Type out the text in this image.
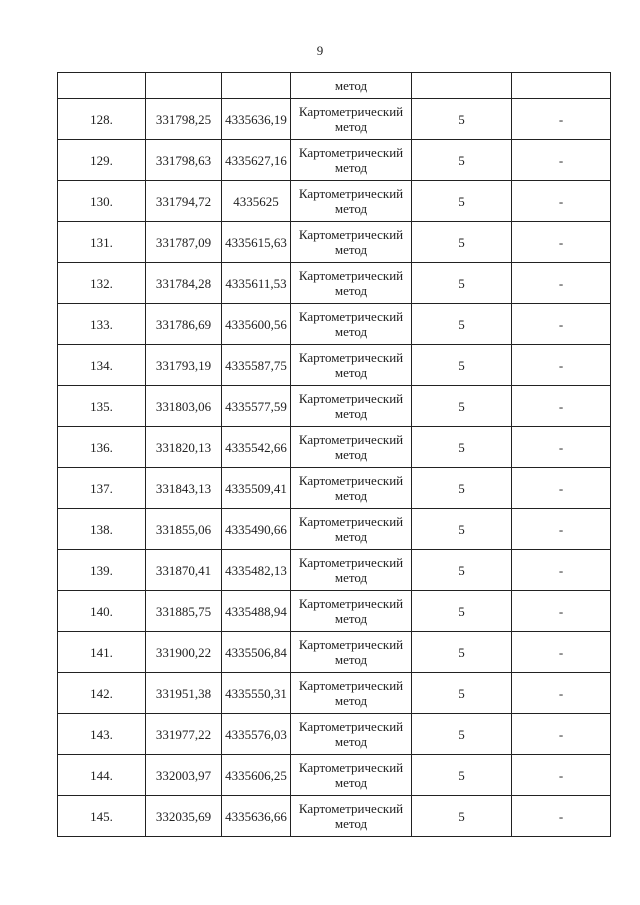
9
			метод		
128.	331798,25	4335636,19	Картометрический метод	5	-
129.	331798,63	4335627,16	Картометрический метод	5	-
130.	331794,72	4335625	Картометрический метод	5	-
131.	331787,09	4335615,63	Картометрический метод	5	-
132.	331784,28	4335611,53	Картометрический метод	5	-
133.	331786,69	4335600,56	Картометрический метод	5	-
134.	331793,19	4335587,75	Картометрический метод	5	-
135.	331803,06	4335577,59	Картометрический метод	5	-
136.	331820,13	4335542,66	Картометрический метод	5	-
137.	331843,13	4335509,41	Картометрический метод	5	-
138.	331855,06	4335490,66	Картометрический метод	5	-
139.	331870,41	4335482,13	Картометрический метод	5	-
140.	331885,75	4335488,94	Картометрический метод	5	-
141.	331900,22	4335506,84	Картометрический метод	5	-
142.	331951,38	4335550,31	Картометрический метод	5	-
143.	331977,22	4335576,03	Картометрический метод	5	-
144.	332003,97	4335606,25	Картометрический метод	5	-
145.	332035,69	4335636,66	Картометрический метод	5	-
